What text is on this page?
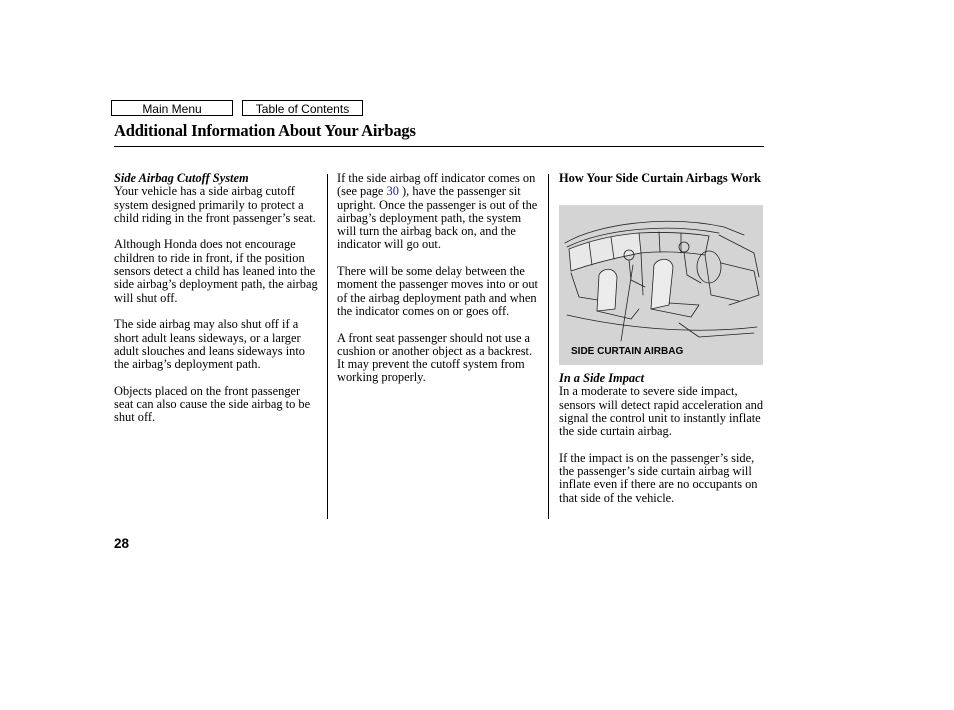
Main Menu	Table of Contents
Additional Information About Your Airbags
Side Airbag Cutoff System

Your vehicle has a side airbag cutoff system designed primarily to protect a child riding in the front passenger’s seat.

Although Honda does not encourage children to ride in front, if the position sensors detect a child has leaned into the side airbag’s deployment path, the airbag will shut off.

The side airbag may also shut off if a short adult leans sideways, or a larger adult slouches and leans sideways into the airbag’s deployment path.

Objects placed on the front passenger seat can also cause the side airbag to be shut off.

If the side airbag off indicator comes on (see page 30 ), have the passenger sit upright. Once the passenger is out of the airbag’s deployment path, the system will turn the airbag back on, and the indicator will go out.

There will be some delay between the moment the passenger moves into or out of the airbag deployment path and when the indicator comes on or goes off.

A front seat passenger should not use a cushion or another object as a backrest. It may prevent the cutoff system from working properly.

How Your Side Curtain Airbags Work
SIDE CURTAIN AIRBAG
In a Side Impact

In a moderate to severe side impact, sensors will detect rapid acceleration and signal the control unit to instantly inflate the side curtain airbag.

If the impact is on the passenger’s side, the passenger’s side curtain airbag will inflate even if there are no occupants on that side of the vehicle.

28
